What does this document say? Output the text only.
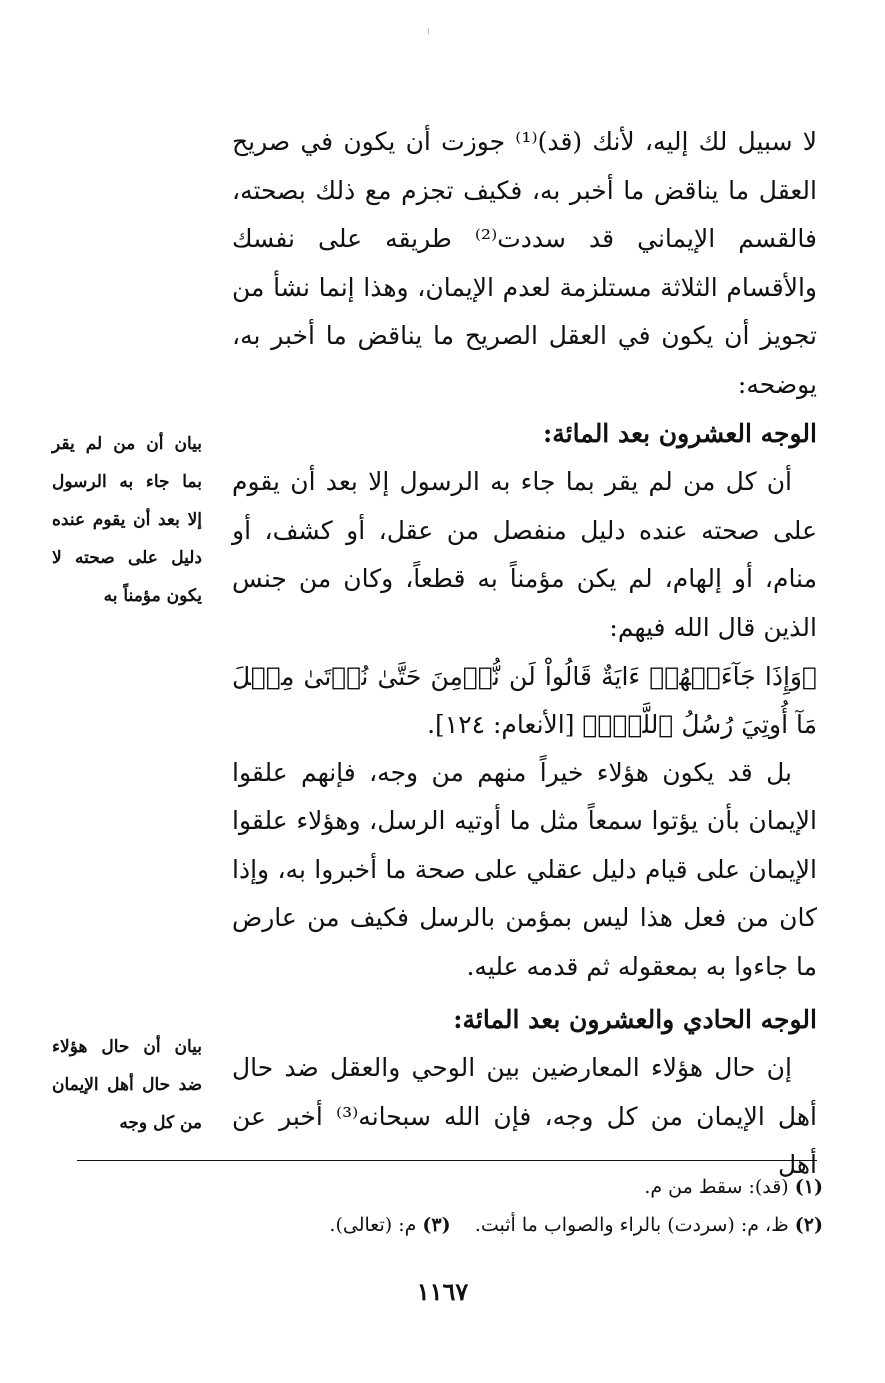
لا سبيل لك إليه، لأنك (قد)⁽¹⁾ جوزت أن يكون في صريح العقل ما يناقض ما أخبر به، فكيف تجزم مع ذلك بصحته، فالقسم الإيماني قد سددت⁽²⁾ طريقه على نفسك والأقسام الثلاثة مستلزمة لعدم الإيمان، وهذا إنما نشأ من تجويز أن يكون في العقل الصريح ما يناقض ما أخبر به، يوضحه:

الوجه العشرون بعد المائة:

أن كل من لم يقر بما جاء به الرسول إلا بعد أن يقوم على صحته عنده دليل منفصل من عقل، أو كشف، أو منام، أو إلهام، لم يكن مؤمناً به قطعاً، وكان من جنس الذين قال الله فيهم:

﴿وَإِذَا جَآءَتۡهُمۡ ءَايَةٌ قَالُواْ لَن نُّؤۡمِنَ حَتَّىٰ نُؤۡتَىٰ مِثۡلَ مَآ أُوتِيَ رُسُلُ ٱللَّهِۘ﴾ [الأنعام: ١٢٤].

بل قد يكون هؤلاء خيراً منهم من وجه، فإنهم علقوا الإيمان بأن يؤتوا سمعاً مثل ما أوتيه الرسل، وهؤلاء علقوا الإيمان على قيام دليل عقلي على صحة ما أخبروا به، وإذا كان من فعل هذا ليس بمؤمن بالرسل فكيف من عارض ما جاءوا به بمعقوله ثم قدمه عليه.

الوجه الحادي والعشرون بعد المائة:

إن حال هؤلاء المعارضين بين الوحي والعقل ضد حال أهل الإيمان من كل وجه، فإن الله سبحانه⁽³⁾ أخبر عن أهل

بيان أن من لم يقر بما جاء به الرسول إلا بعد أن يقوم عنده دليل على صحته لا يكون مؤمناً به
بيان أن حال هؤلاء ضد حال أهل الإيمان من كل وجه

(١) (قد): سقط من م.

(٢) ظ، م: (سردت) بالراء والصواب ما أثبت.    (٣) م: (تعالى).

١١٦٧
